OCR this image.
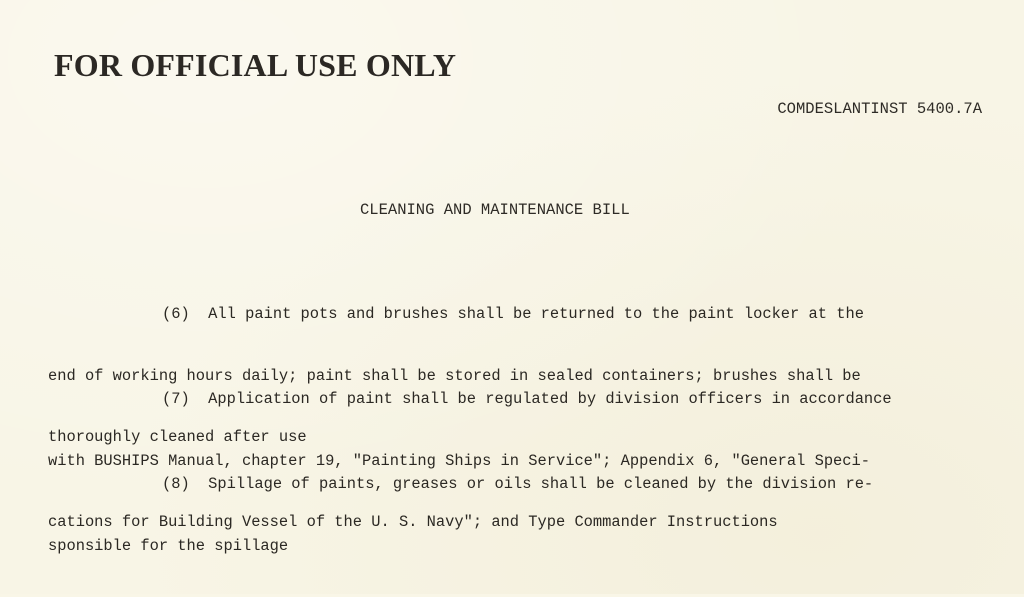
FOR OFFICIAL USE ONLY
COMDESLANTINST 5400.7A
CLEANING AND MAINTENANCE BILL

(6)  All paint pots and brushes shall be returned to the paint locker at the

end of working hours daily; paint shall be stored in sealed containers; brushes shall be

thoroughly cleaned after use

(7)  Application of paint shall be regulated by division officers in accordance

with BUSHIPS Manual, chapter 19, "Painting Ships in Service"; Appendix 6, "General Speci-

cations for Building Vessel of the U. S. Navy"; and Type Commander Instructions

(8)  Spillage of paints, greases or oils shall be cleaned by the division re-

sponsible for the spillage
